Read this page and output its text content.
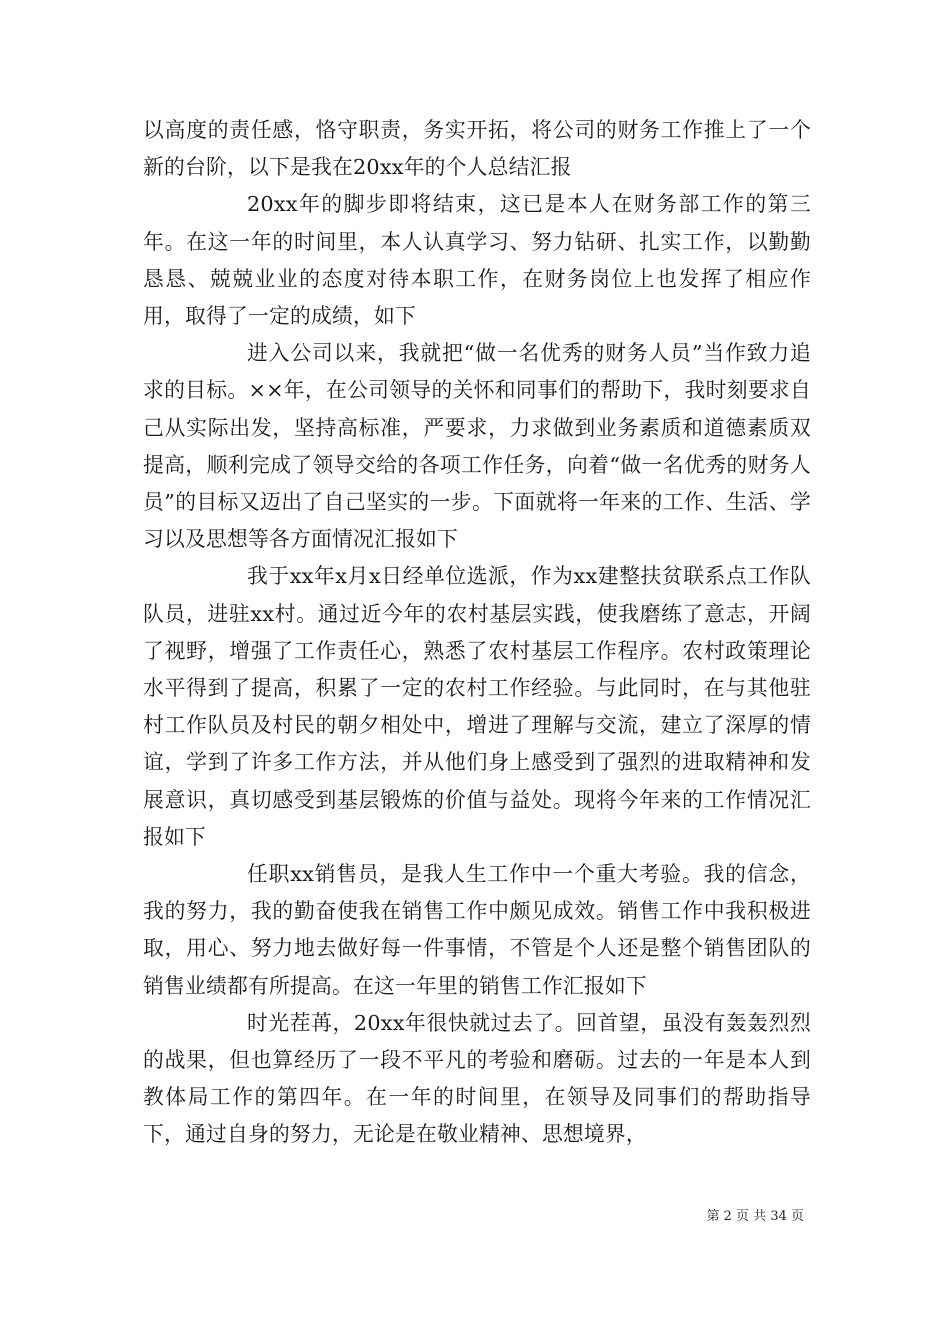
以高度的责任感，恪守职责，务实开拓，将公司的财务工作推上了一个新的台阶，以下是我在20xx年的个人总结汇报

20xx年的脚步即将结束，这已是本人在财务部工作的第三年。在这一年的时间里，本人认真学习、努力钻研、扎实工作，以勤勤恳恳、兢兢业业的态度对待本职工作，在财务岗位上也发挥了相应作用，取得了一定的成绩，如下

进入公司以来，我就把“做一名优秀的财务人员”当作致力追求的目标。××年，在公司领导的关怀和同事们的帮助下，我时刻要求自己从实际出发，坚持高标准，严要求，力求做到业务素质和道德素质双提高，顺利完成了领导交给的各项工作任务，向着“做一名优秀的财务人员”的目标又迈出了自己坚实的一步。下面就将一年来的工作、生活、学习以及思想等各方面情况汇报如下

我于xx年x月x日经单位选派，作为xx建整扶贫联系点工作队队员，进驻xx村。通过近今年的农村基层实践，使我磨练了意志，开阔了视野，增强了工作责任心，熟悉了农村基层工作程序。农村政策理论水平得到了提高，积累了一定的农村工作经验。与此同时，在与其他驻村工作队员及村民的朝夕相处中，增进了理解与交流，建立了深厚的情谊，学到了许多工作方法，并从他们身上感受到了强烈的进取精神和发展意识，真切感受到基层锻炼的价值与益处。现将今年来的工作情况汇报如下

任职xx销售员，是我人生工作中一个重大考验。我的信念，我的努力，我的勤奋使我在销售工作中颇见成效。销售工作中我积极进取，用心、努力地去做好每一件事情，不管是个人还是整个销售团队的销售业绩都有所提高。在这一年里的销售工作汇报如下

时光茬苒，20xx年很快就过去了。回首望，虽没有轰轰烈烈的战果，但也算经历了一段不平凡的考验和磨砺。过去的一年是本人到教体局工作的第四年。在一年的时间里，在领导及同事们的帮助指导下，通过自身的努力，无论是在敬业精神、思想境界，

第 2 页 共 34 页
